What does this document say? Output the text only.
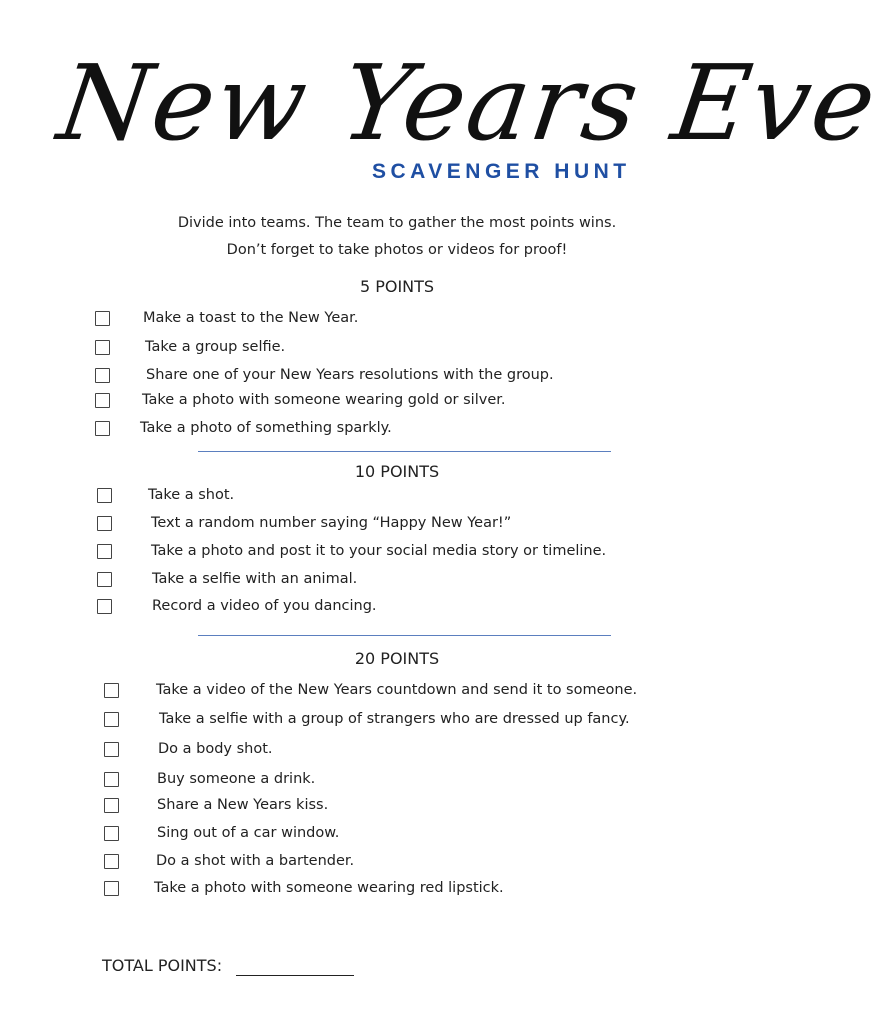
New Years Eve
SCAVENGER HUNT
Divide into teams. The team to gather the most points wins.
Don’t forget to take photos or videos for proof!
5 POINTS
Make a toast to the New Year.
Take a group selfie.
Share one of your New Years resolutions with the group.
Take a photo with someone wearing gold or silver.
Take a photo of something sparkly.
10 POINTS
Take a shot.
Text a random number saying “Happy New Year!”
Take a photo and post it to your social media story or timeline.
Take a selfie with an animal.
Record a video of you dancing.
20 POINTS
Take a video of the New Years countdown and send it to someone.
Take a selfie with a group of strangers who are dressed up fancy.
Do a body shot.
Buy someone a drink.
Share a New Years kiss.
Sing out of a car window.
Do a shot with a bartender.
Take a photo with someone wearing red lipstick.
TOTAL POINTS:
